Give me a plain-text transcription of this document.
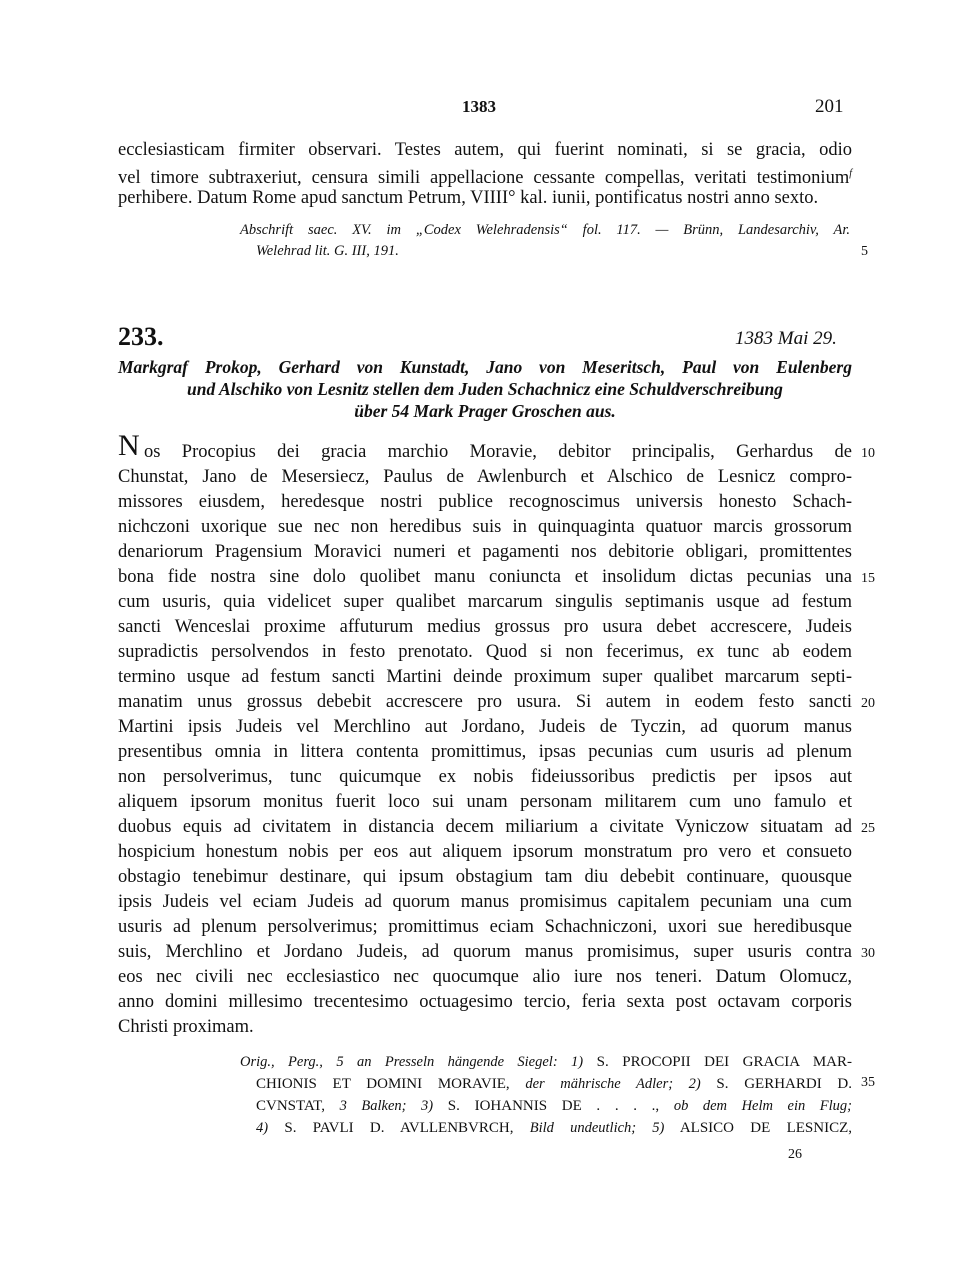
1383	201
ecclesiasticam firmiter observari. Testes autem, qui fuerint nominati, si se gracia, odio
vel timore subtraxeriut, censura simili appellacione cessante compellas, veritati testimonium$^f$
perhibere. Datum Rome apud sanctum Petrum, VIIII° kal. iunii, pontificatus nostri anno sexto.
Abschrift saec. XV. im „Codex Welehradensis“ fol. 117. — Brünn, Landesarchiv, Ar.
Welehrad lit. G. III, 191.	5
233.	1383 Mai 29.
Markgraf Prokop, Gerhard von Kunstadt, Jano von Meseritsch, Paul von Eulenberg
und Alschiko von Lesnitz stellen dem Juden Schachnicz eine Schuldverschreibung
über 54 Mark Prager Groschen aus.
N os Procopius dei gracia marchio Moravie, debitor principalis, Gerhardus de
Chunstat, Jano de Mesersiecz, Paulus de Awlenburch et Alschico de Lesnicz compro-
missores eiusdem, heredesque nostri publice recognoscimus universis honesto Schach-
nichczoni uxorique sue nec non heredibus suis in quinquaginta quatuor marcis grossorum
denariorum Pragensium Moravici numeri et pagamenti nos debitorie obligari, promittentes
bona fide nostra sine dolo quolibet manu coniuncta et insolidum dictas pecunias una
cum usuris, quia videlicet super qualibet marcarum singulis septimanis usque ad festum
sancti Wenceslai proxime affuturum medius grossus pro usura debet accrescere, Judeis
supradictis persolvendos in festo prenotato. Quod si non fecerimus, ex tunc ab eodem
termino usque ad festum sancti Martini deinde proximum super qualibet marcarum septi-
manatim unus grossus debebit accrescere pro usura. Si autem in eodem festo sancti
Martini ipsis Judeis vel Merchlino aut Jordano, Judeis de Tyczin, ad quorum manus
presentibus omnia in littera contenta promittimus, ipsas pecunias cum usuris ad plenum
non persolverimus, tunc quicumque ex nobis fideiussoribus predictis per ipsos aut
aliquem ipsorum monitus fuerit loco sui unam personam militarem cum uno famulo et
duobus equis ad civitatem in distancia decem miliarium a civitate Vyniczow situatam ad
hospicium honestum nobis per eos aut aliquem ipsorum monstratum pro vero et consueto
obstagio tenebimur destinare, qui ipsum obstagium tam diu debebit continuare, quousque
ipsis Judeis vel eciam Judeis ad quorum manus promisimus capitalem pecuniam una cum
usuris ad plenum persolverimus; promittimus eciam Schachniczoni, uxori sue heredibusque
suis, Merchlino et Jordano Judeis, ad quorum manus promisimus, super usuris contra
eos nec civili nec ecclesiastico nec quocumque alio iure nos teneri. Datum Olomucz,
anno domini millesimo trecentesimo octuagesimo tercio, feria sexta post octavam corporis
Christi proximam.
10
15
20
25
30
35
Orig., Perg., 5 an Presseln hängende Siegel: 1) S. PROCOPII DEI GRACIA MAR-
CHIONIS ET DOMINI MORAVIE, der mährische Adler; 2) S. GERHARDI D.
CVNSTAT, 3 Balken; 3) S. IOHANNIS DE . . . ., ob dem Helm ein Flug;
4) S. PAVLI D. AVLLENBVRCH, Bild undeutlich; 5) ALSICO DE LESNICZ,
26
